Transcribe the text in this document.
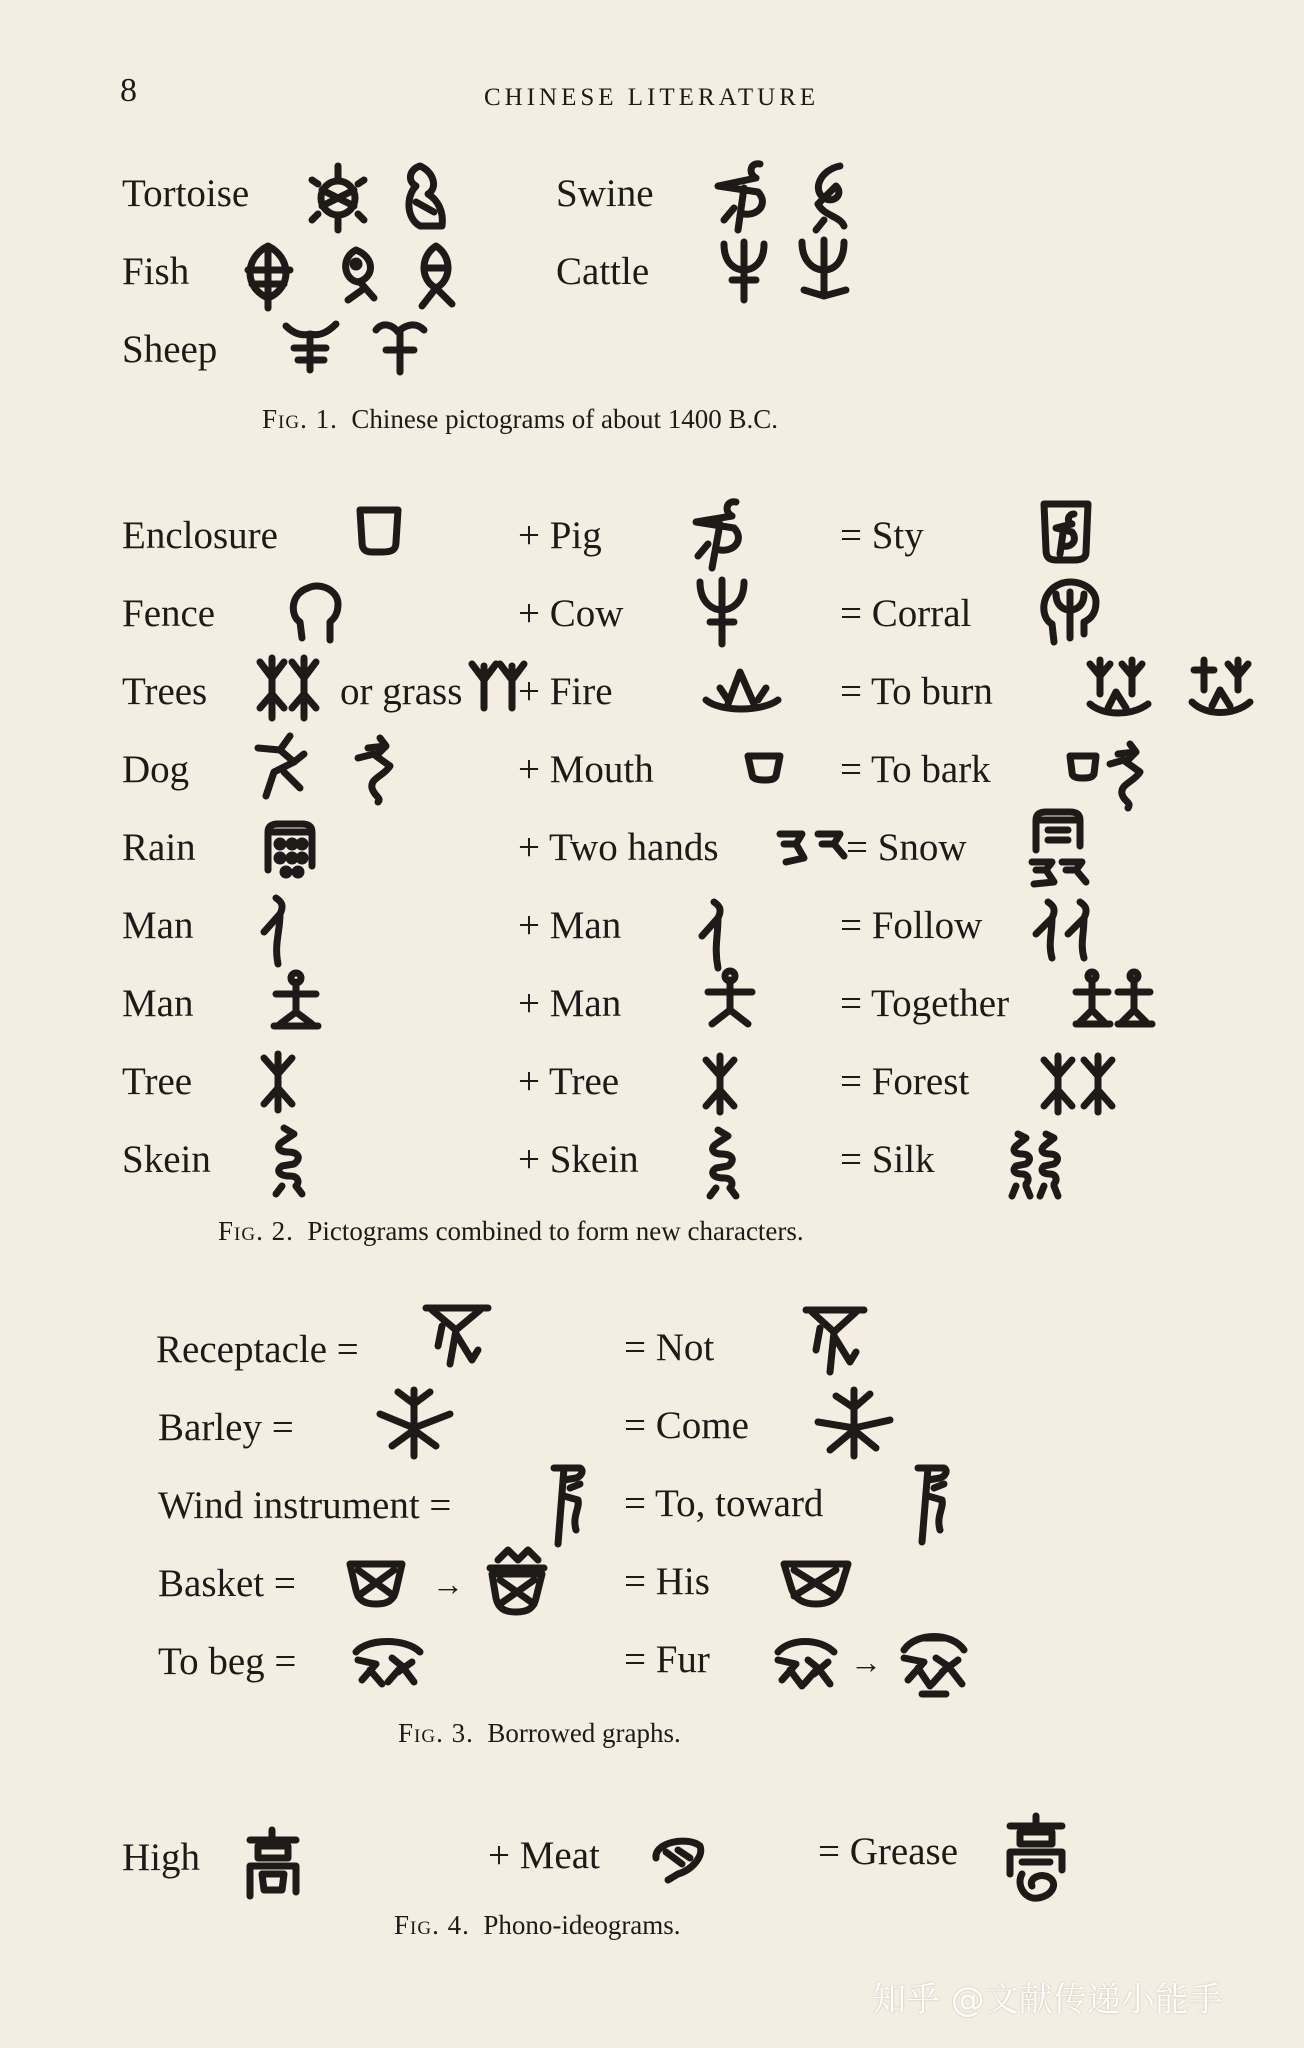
8	CHINESE LITERATURE
Tortoise	Swine
Fish	Cattle
Sheep
Fig. 1. Chinese pictograms of about 1400 B.C.
Enclosure	+ Pig	= Sty
Fence	+ Cow	= Corral
Trees	or grass + Fire	= To burn
Dog	+ Mouth	= To bark
Rain	+ Two hands	= Snow
Man	+ Man	= Follow
Man	+ Man	= Together
Tree	+ Tree	= Forest
Skein	+ Skein	= Silk
Fig. 2. Pictograms combined to form new characters.
Receptacle =	= Not
Barley =	= Come
Wind instrument =	= To, toward
Basket =	= His
To beg =	= Fur
→
→
Fig. 3. Borrowed graphs.
High	+ Meat	= Grease
Fig. 4. Phono-ideograms.
知乎 @文献传递小能手
